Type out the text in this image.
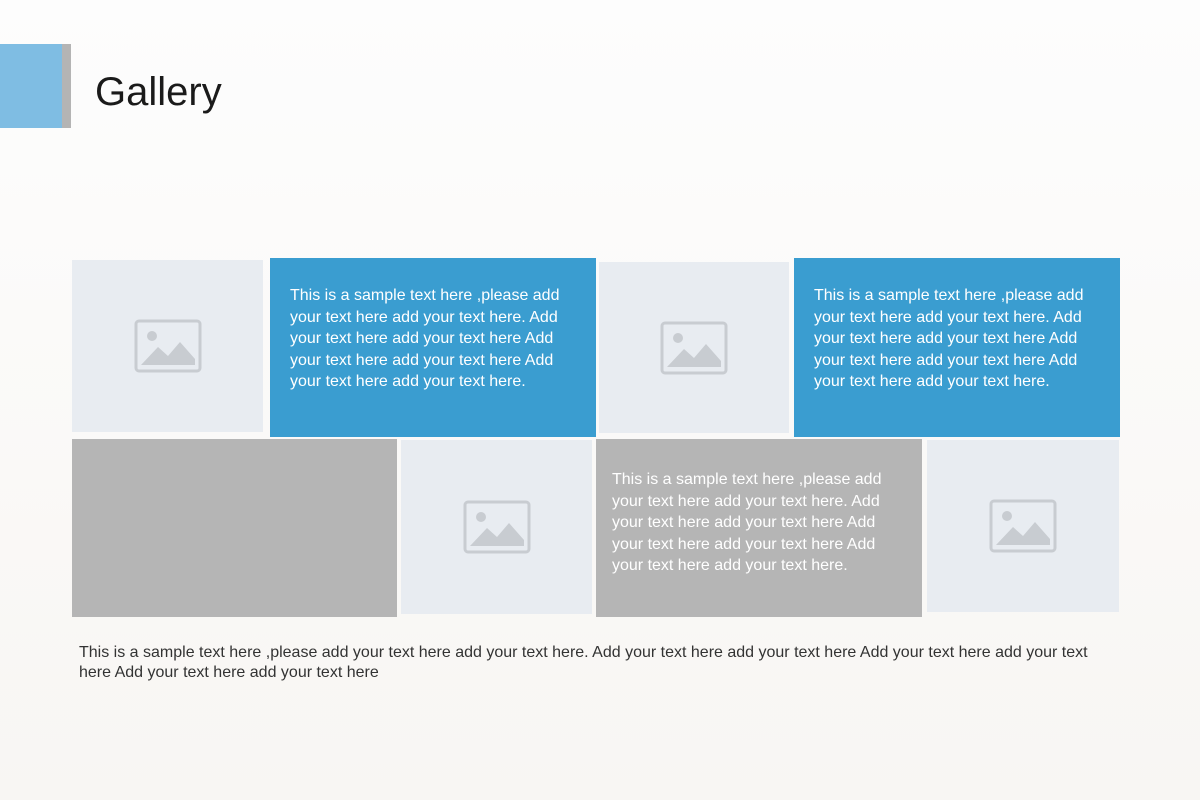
Gallery

This is a sample text here ,please add your text here add your text here. Add your text here add your text here Add your text here add your text here Add your text here add your text here.

This is a sample text here ,please add your text here add your text here. Add your text here add your text here Add your text here add your text here Add your text here add your text here.

This is a sample text here ,please add your text here add your text here. Add your text here add your text here Add your text here add your text here Add your text here add your text here.

This is a sample text here ,please add your text here add your text here. Add your text here add your text here Add your text here add your text here Add your text here add your text here
